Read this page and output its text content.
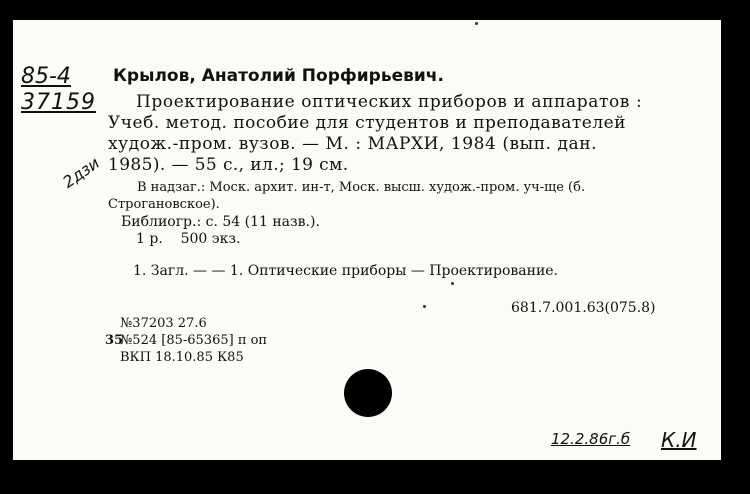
85-4
37159
2дзи
Крылов, Анатолий Порфирьевич.
Проектирование оптических приборов и аппаратов :
Учеб. метод. пособие для студентов и преподавателей
худож.-пром. вузов. — М. : МАРХИ, 1984 (вып. дан.
1985). — 55 с., ил.; 19 см.
В надзаг.: Моск. архит. ин-т, Моск. высш. худож.-пром. уч-ще (б.
Строгановское).
Библиогр.: с. 54 (11 назв.).
1 р.    500 экз.
1. Загл. — — 1. Оптические приборы — Проектирование.
681.7.001.63(075.8)
№37203 27.6
35
№524 [85-65365] п оп
ВКП 18.10.85 К85
12.2.86г.б К.И
